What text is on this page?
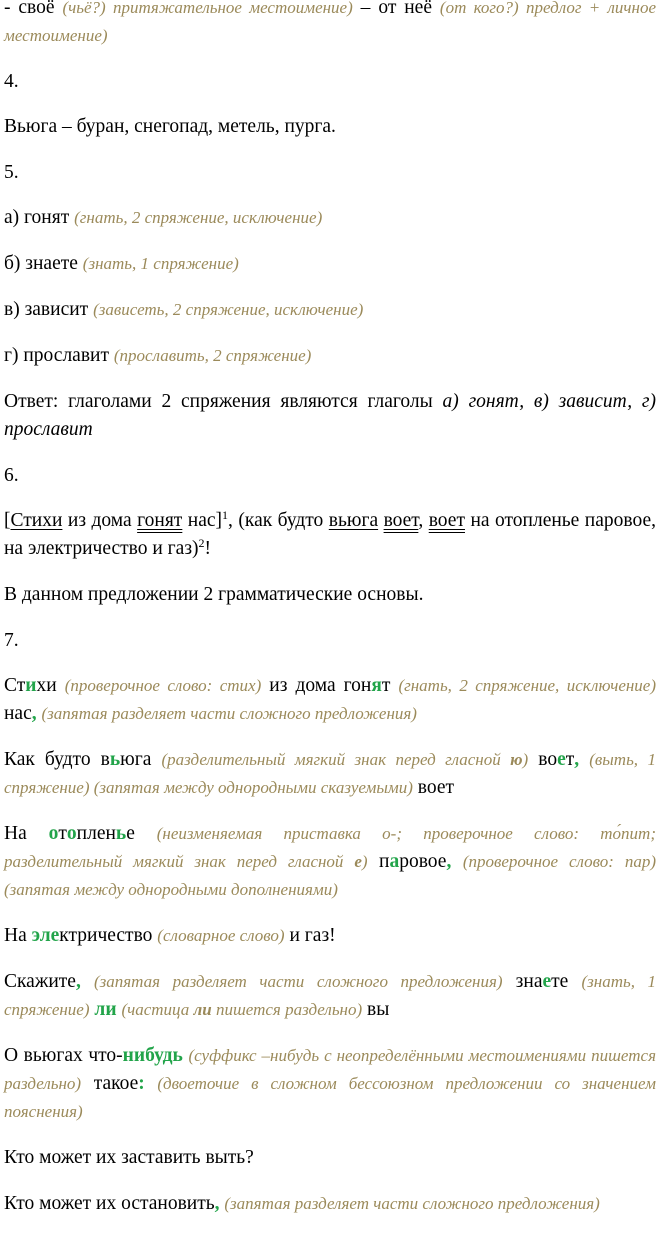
- своё (чьё?) притяжательное местоимение) – от неё (от кого?) предлог + личное местоимение)
4.
Вьюга – буран, снегопад, метель, пурга.
5.
а) гонят (гнать, 2 спряжение, исключение)
б) знаете (знать, 1 спряжение)
в) зависит (зависеть, 2 спряжение, исключение)
г) прославит (прославить, 2 спряжение)
Ответ: глаголами 2 спряжения являются глаголы а) гонят, в) зависит, г) прославит
6.
[Стихи из дома гонят нас]$^1$, (как будто вьюга воет, воет на отопленье паровое, на электричество и газ)$^2$!
В данном предложении 2 грамматические основы.
7.
Стихи (проверочное слово: стих) из дома гонят (гнать, 2 спряжение, исключение) нас, (запятая разделяет части сложного предложения)
Как будто вьюга (разделительный мягкий знак перед гласной ю) воет, (выть, 1 спряжение) (запятая между однородными сказуемыми) воет
На отопленье (неизменяемая приставка о-; проверочное слово: то́пит; разделительный мягкий знак перед гласной е) паровое, (проверочное слово: пар) (запятая между однородными дополнениями)
На электричество (словарное слово) и газ!
Скажите, (запятая разделяет части сложного предложения) знаете (знать, 1 спряжение) ли (частица ли пишется раздельно) вы
О вьюгах что-нибудь (суффикс –нибудь с неопределёнными местоимениями пишется раздельно) такое: (двоеточие в сложном бессоюзном предложении со значением пояснения)
Кто может их заставить выть?
Кто может их остановить, (запятая разделяет части сложного предложения)
